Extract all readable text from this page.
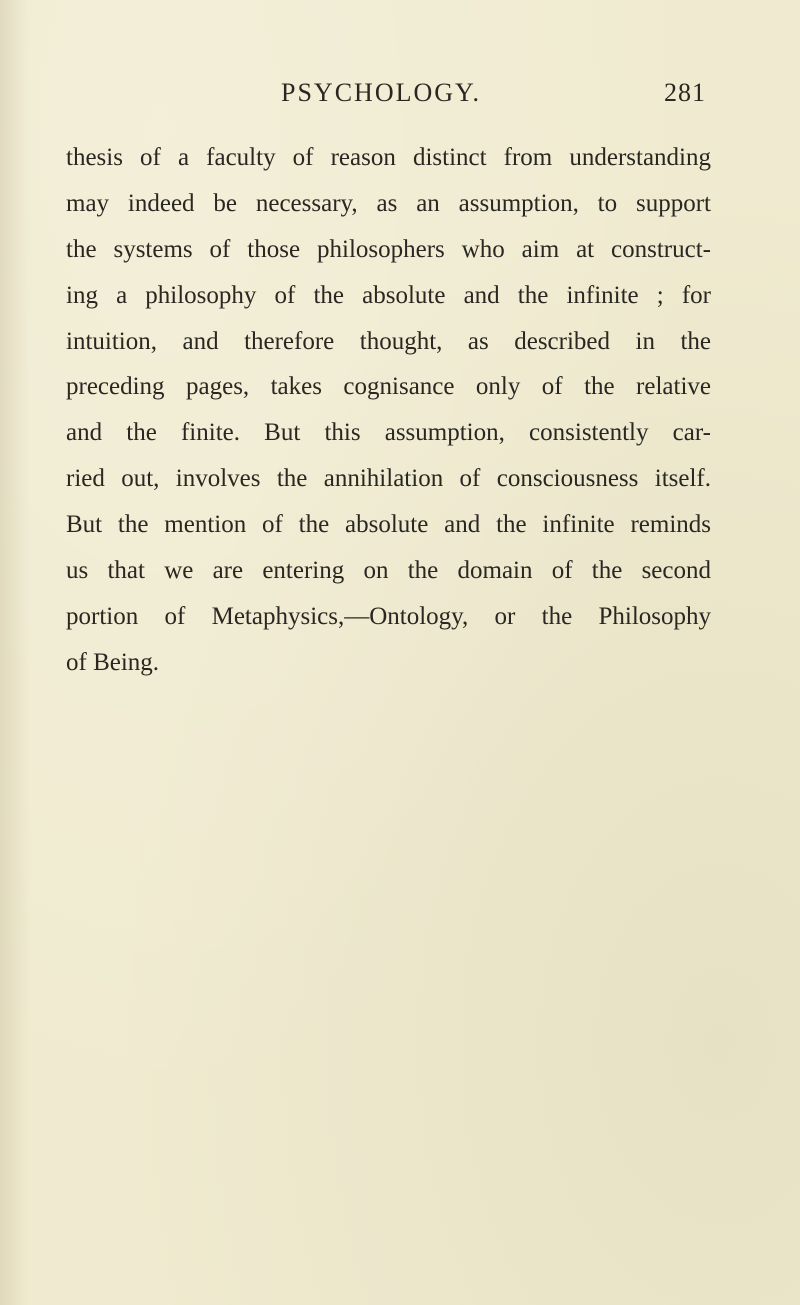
PSYCHOLOGY.	281
thesis of a faculty of reason distinct from understanding
may indeed be necessary, as an assumption, to support
the systems of those philosophers who aim at construct-
ing a philosophy of the absolute and the infinite ; for
intuition, and therefore thought, as described in the
preceding pages, takes cognisance only of the relative
and the finite. But this assumption, consistently car-
ried out, involves the annihilation of consciousness itself.
But the mention of the absolute and the infinite reminds
us that we are entering on the domain of the second
portion of Metaphysics,—Ontology, or the Philosophy
of Being.
